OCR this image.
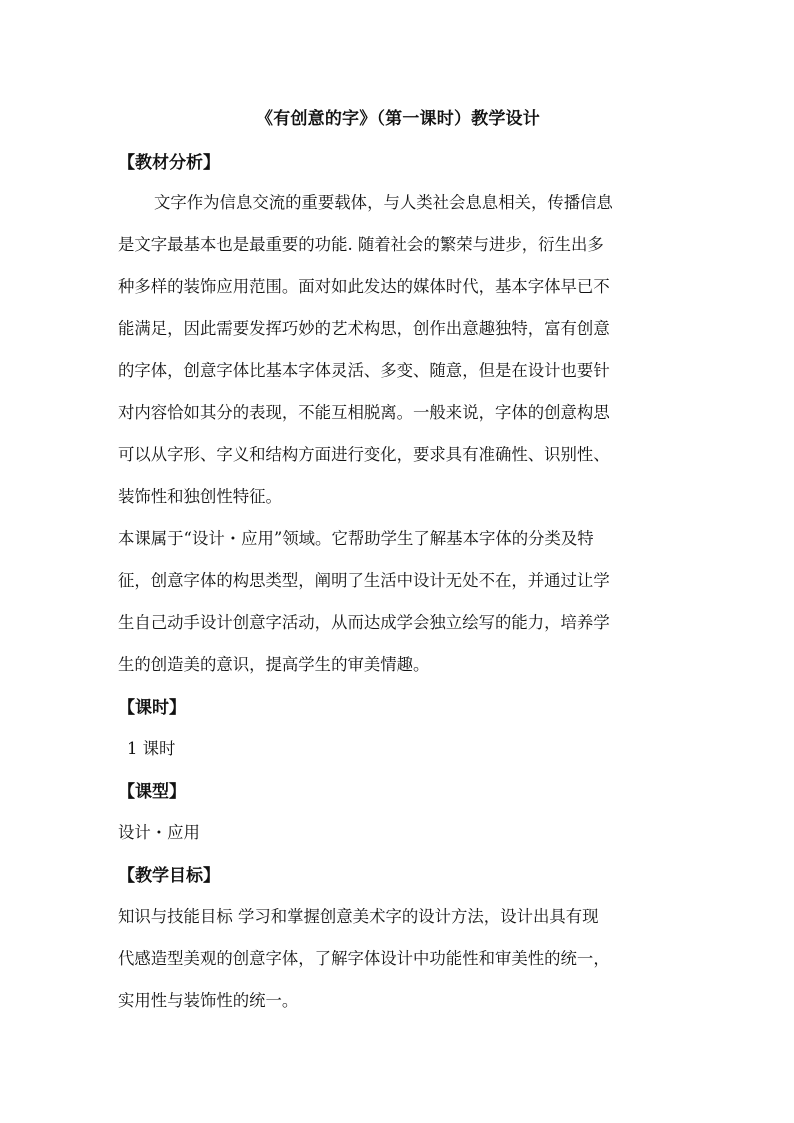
《有创意的字》（第一课时）教学设计
【教材分析】
文字作为信息交流的重要载体，与人类社会息息相关，传播信息
是文字最基本也是最重要的功能. 随着社会的繁荣与进步，衍生出多
种多样的装饰应用范围。面对如此发达的媒体时代，基本字体早已不
能满足，因此需要发挥巧妙的艺术构思，创作出意趣独特，富有创意
的字体，创意字体比基本字体灵活、多变、随意，但是在设计也要针
对内容恰如其分的表现，不能互相脱离。一般来说，字体的创意构思
可以从字形、字义和结构方面进行变化，要求具有准确性、识别性、
装饰性和独创性特征。
本课属于“设计・应用”领域。它帮助学生了解基本字体的分类及特
征，创意字体的构思类型，阐明了生活中设计无处不在，并通过让学
生自己动手设计创意字活动，从而达成学会独立绘写的能力，培养学
生的创造美的意识，提高学生的审美情趣。
【课时】
1 课时
【课型】
设计・应用
【教学目标】
知识与技能目标 学习和掌握创意美术字的设计方法，设计出具有现
代感造型美观的创意字体，了解字体设计中功能性和审美性的统一，
实用性与装饰性的统一。
